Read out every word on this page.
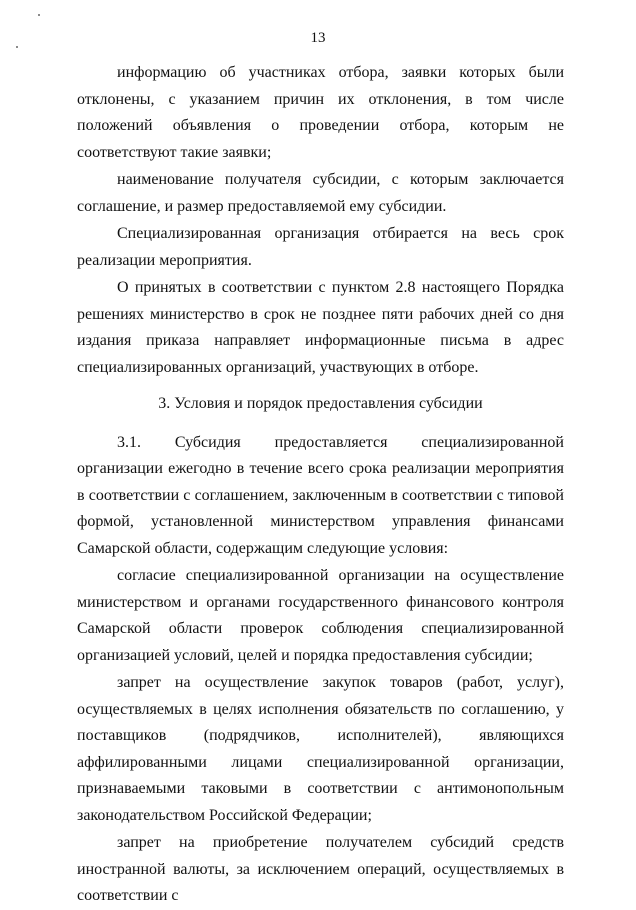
13

информацию об участниках отбора, заявки которых были отклонены, с указанием причин их отклонения, в том числе положений объявления о проведении отбора, которым не соответствуют такие заявки;

наименование получателя субсидии, с которым заключается соглашение, и размер предоставляемой ему субсидии.

Специализированная организация отбирается на весь срок реализации мероприятия.

О принятых в соответствии с пунктом 2.8 настоящего Порядка решениях министерство в срок не позднее пяти рабочих дней со дня издания приказа направляет информационные письма в адрес специализированных организаций, участвующих в отборе.

3. Условия и порядок предоставления субсидии

3.1. Субсидия предоставляется специализированной организации ежегодно в течение всего срока реализации мероприятия в соответствии с соглашением, заключенным в соответствии с типовой формой, установленной министерством управления финансами Самарской области, содержащим следующие условия:

согласие специализированной организации на осуществление министерством и органами государственного финансового контроля Самарской области проверок соблюдения специализированной организацией условий, целей и порядка предоставления субсидии;

запрет на осуществление закупок товаров (работ, услуг), осуществляемых в целях исполнения обязательств по соглашению, у поставщиков (подрядчиков, исполнителей), являющихся аффилированными лицами специализированной организации, признаваемыми таковыми в соответствии с антимонопольным законодательством Российской Федерации;

запрет на приобретение получателем субсидий средств иностранной валюты, за исключением операций, осуществляемых в соответствии с
